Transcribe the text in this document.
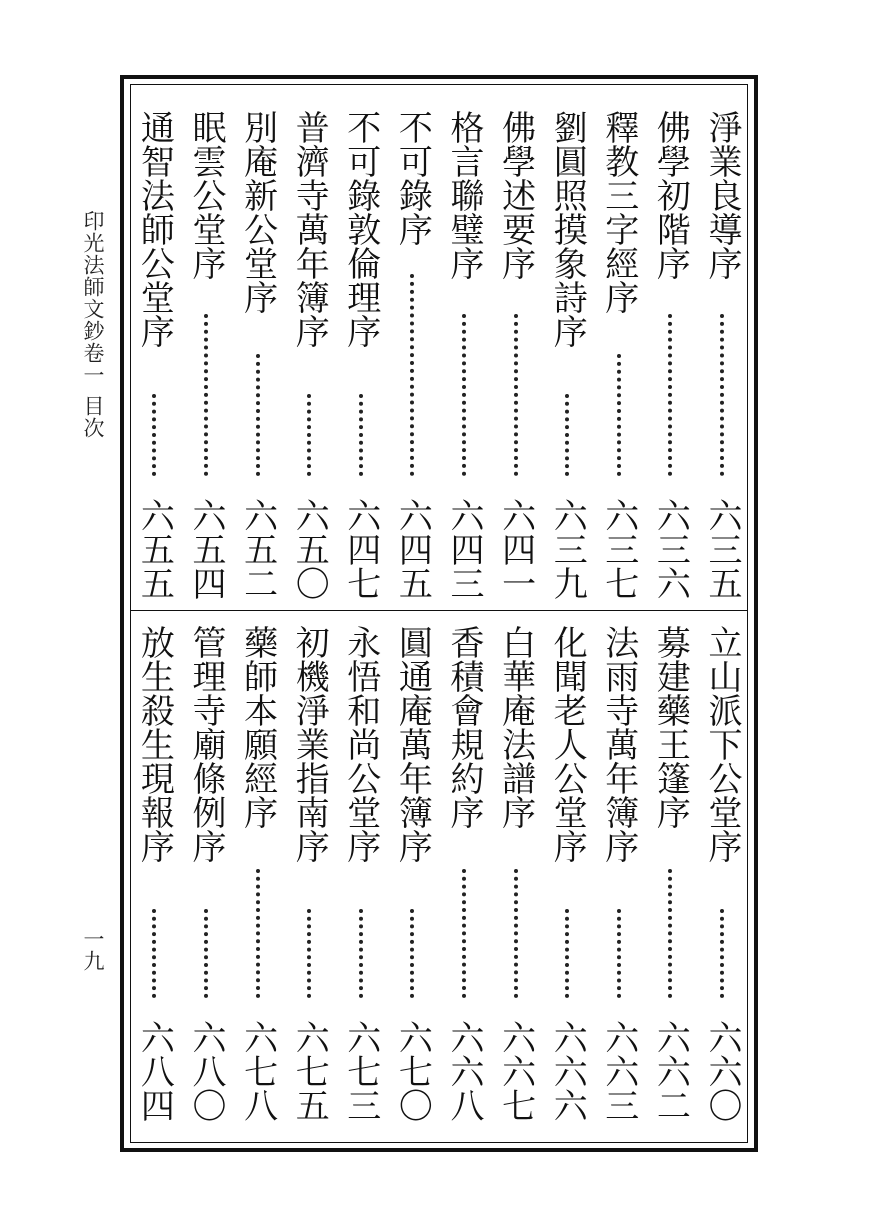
印光法師文鈔卷一
目次
一九
淨業良導序
六三五
佛學初階序
六三六
釋教三字經序
六三七
劉圓照摸象詩序
六三九
佛學述要序
六四一
格言聯璧序
六四三
不可錄序
六四五
不可錄敦倫理序
六四七
普濟寺萬年簿序
六五〇
別庵新公堂序
六五二
眠雲公堂序
六五四
通智法師公堂序
六五五
立山派下公堂序
六六〇
募建藥王篷序
六六二
法雨寺萬年簿序
六六三
化聞老人公堂序
六六六
白華庵法譜序
六六七
香積會規約序
六六八
圓通庵萬年簿序
六七〇
永悟和尚公堂序
六七三
初機淨業指南序
六七五
藥師本願經序
六七八
管理寺廟條例序
六八〇
放生殺生現報序
六八四
